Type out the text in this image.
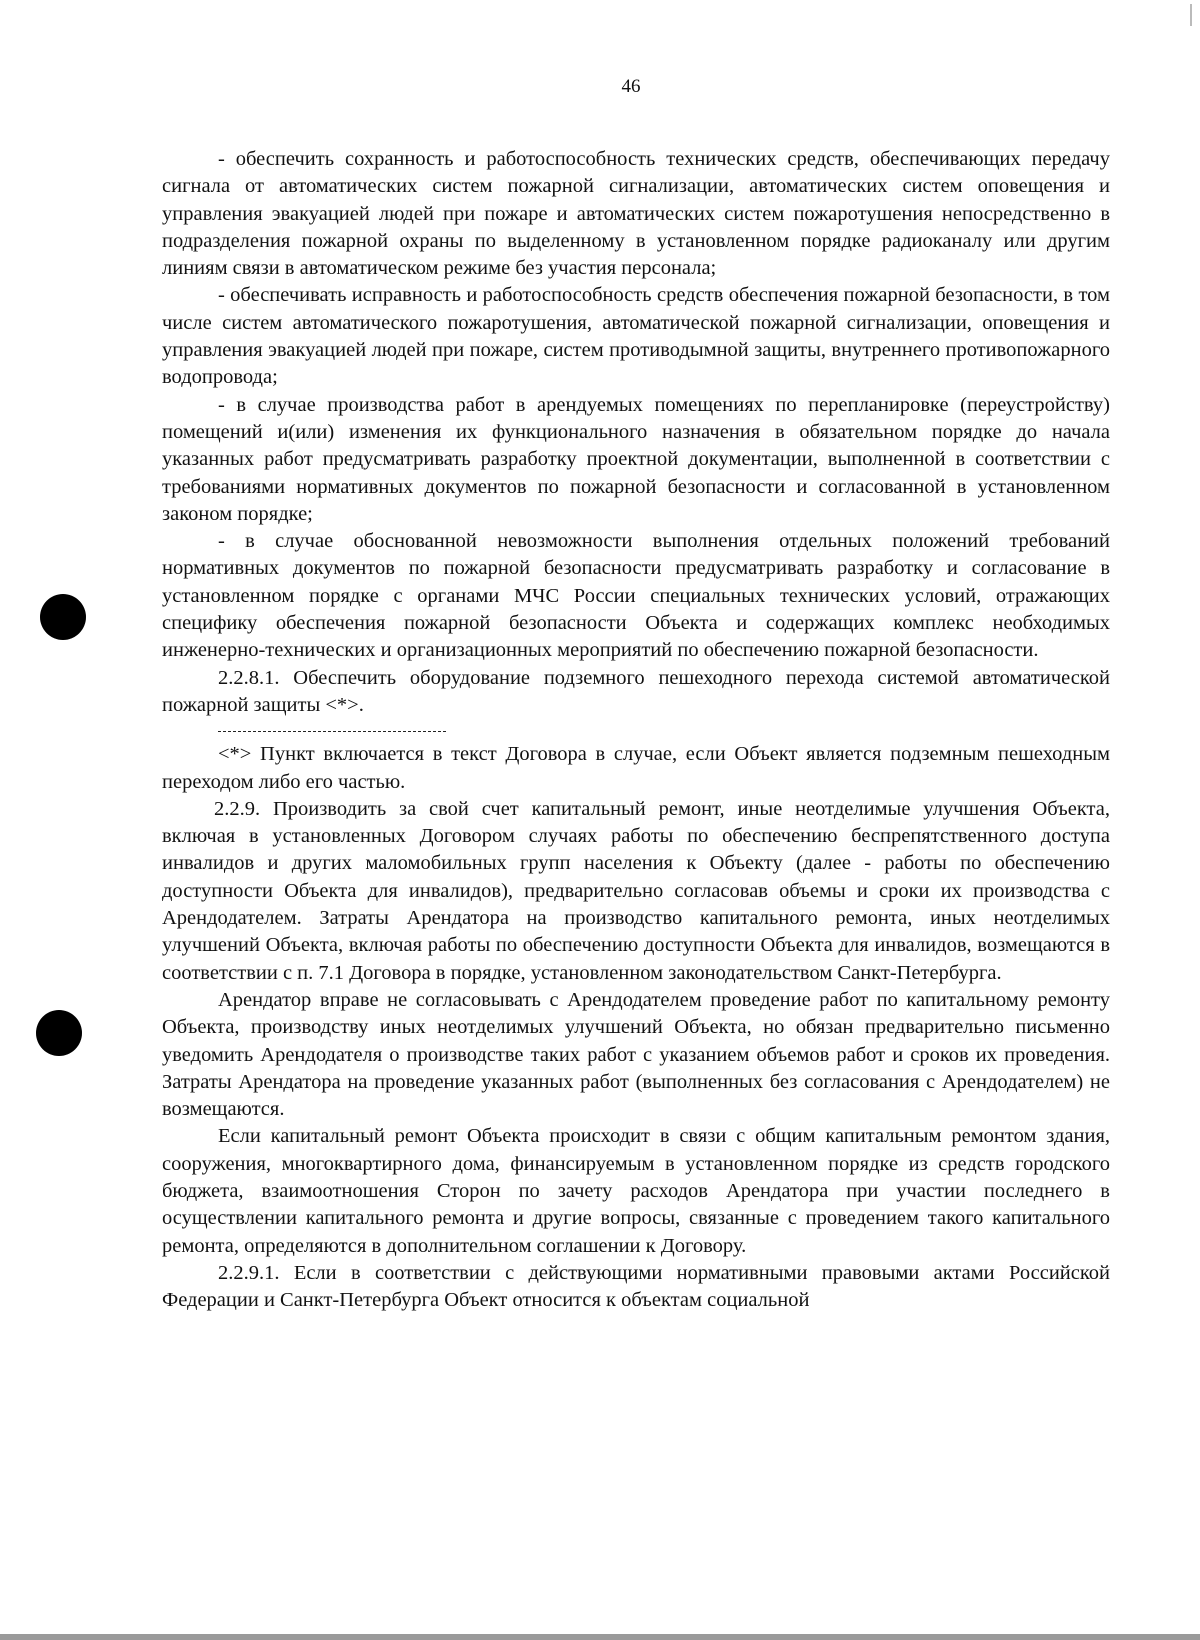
46

- обеспечить сохранность и работоспособность технических средств, обеспечивающих передачу сигнала от автоматических систем пожарной сигнализации, автоматических систем оповещения и управления эвакуацией людей при пожаре и автоматических систем пожаротушения непосредственно в подразделения пожарной охраны по выделенному в установленном порядке радиоканалу или другим линиям связи в автоматическом режиме без участия персонала;

- обеспечивать исправность и работоспособность средств обеспечения пожарной безопасности, в том числе систем автоматического пожаротушения, автоматической пожарной сигнализации, оповещения и управления эвакуацией людей при пожаре, систем противодымной защиты, внутреннего противопожарного водопровода;

- в случае производства работ в арендуемых помещениях по перепланировке (переустройству) помещений и(или) изменения их функционального назначения в обязательном порядке до начала указанных работ предусматривать разработку проектной документации, выполненной в соответствии с требованиями нормативных документов по пожарной безопасности и согласованной в установленном законом порядке;

- в случае обоснованной невозможности выполнения отдельных положений требований нормативных документов по пожарной безопасности предусматривать разработку и согласование в установленном порядке с органами МЧС России специальных технических условий, отражающих специфику обеспечения пожарной безопасности Объекта и содержащих комплекс необходимых инженерно-технических и организационных мероприятий по обеспечению пожарной безопасности.

2.2.8.1. Обеспечить оборудование подземного пешеходного перехода системой автоматической пожарной защиты <*>.

<*> Пункт включается в текст Договора в случае, если Объект является подземным пешеходным переходом либо его частью.

2.2.9. Производить за свой счет капитальный ремонт, иные неотделимые улучшения Объекта, включая в установленных Договором случаях работы по обеспечению беспрепятственного доступа инвалидов и других маломобильных групп населения к Объекту (далее - работы по обеспечению доступности Объекта для инвалидов), предварительно согласовав объемы и сроки их производства с Арендодателем. Затраты Арендатора на производство капитального ремонта, иных неотделимых улучшений Объекта, включая работы по обеспечению доступности Объекта для инвалидов, возмещаются в соответствии с п. 7.1 Договора в порядке, установленном законодательством Санкт-Петербурга.

Арендатор вправе не согласовывать с Арендодателем проведение работ по капитальному ремонту Объекта, производству иных неотделимых улучшений Объекта, но обязан предварительно письменно уведомить Арендодателя о производстве таких работ с указанием объемов работ и сроков их проведения. Затраты Арендатора на проведение указанных работ (выполненных без согласования с Арендодателем) не возмещаются.

Если капитальный ремонт Объекта происходит в связи с общим капитальным ремонтом здания, сооружения, многоквартирного дома, финансируемым в установленном порядке из средств городского бюджета, взаимоотношения Сторон по зачету расходов Арендатора при участии последнего в осуществлении капитального ремонта и другие вопросы, связанные с проведением такого капитального ремонта, определяются в дополнительном соглашении к Договору.

2.2.9.1. Если в соответствии с действующими нормативными правовыми актами Российской Федерации и Санкт-Петербурга Объект относится к объектам социальной
